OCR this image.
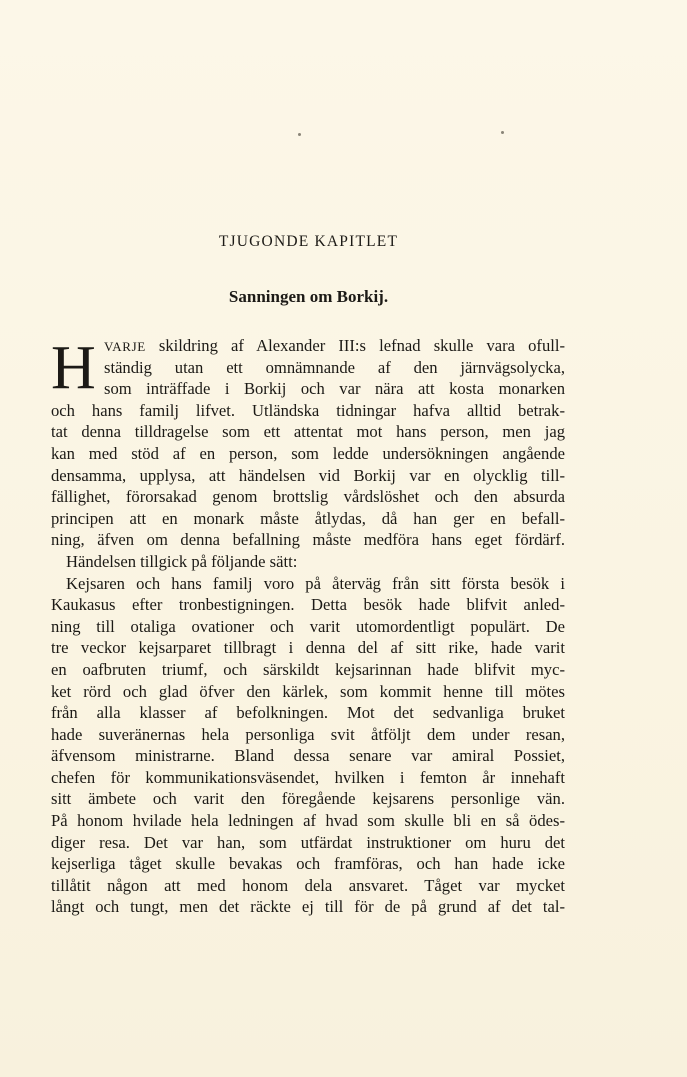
TJUGONDE KAPITLET
Sanningen om Borkij.
H VARJE skildring af Alexander III:s lefnad skulle vara ofull-
ständig utan ett omnämnande af den järnvägsolycka,
som inträffade i Borkij och var nära att kosta monarken
och hans familj lifvet. Utländska tidningar hafva alltid betrak-
tat denna tilldragelse som ett attentat mot hans person, men jag
kan med stöd af en person, som ledde undersökningen angående
densamma, upplysa, att händelsen vid Borkij var en olycklig till-
fällighet, förorsakad genom brottslig vårdslöshet och den absurda
principen att en monark måste åtlydas, då han ger en befall-
ning, äfven om denna befallning måste medföra hans eget fördärf.
Händelsen tillgick på följande sätt:
Kejsaren och hans familj voro på återväg från sitt första besök i
Kaukasus efter tronbestigningen. Detta besök hade blifvit anled-
ning till otaliga ovationer och varit utomordentligt populärt. De
tre veckor kejsarparet tillbragt i denna del af sitt rike, hade varit
en oafbruten triumf, och särskildt kejsarinnan hade blifvit myc-
ket rörd och glad öfver den kärlek, som kommit henne till mötes
från alla klasser af befolkningen. Mot det sedvanliga bruket
hade suveränernas hela personliga svit åtföljt dem under resan,
äfvensom ministrarne. Bland dessa senare var amiral Possiet,
chefen för kommunikationsväsendet, hvilken i femton år innehaft
sitt ämbete och varit den föregående kejsarens personlige vän.
På honom hvilade hela ledningen af hvad som skulle bli en så ödes-
diger resa. Det var han, som utfärdat instruktioner om huru det
kejserliga tåget skulle bevakas och framföras, och han hade icke
tillåtit någon att med honom dela ansvaret. Tåget var mycket
långt och tungt, men det räckte ej till för de på grund af det tal-
